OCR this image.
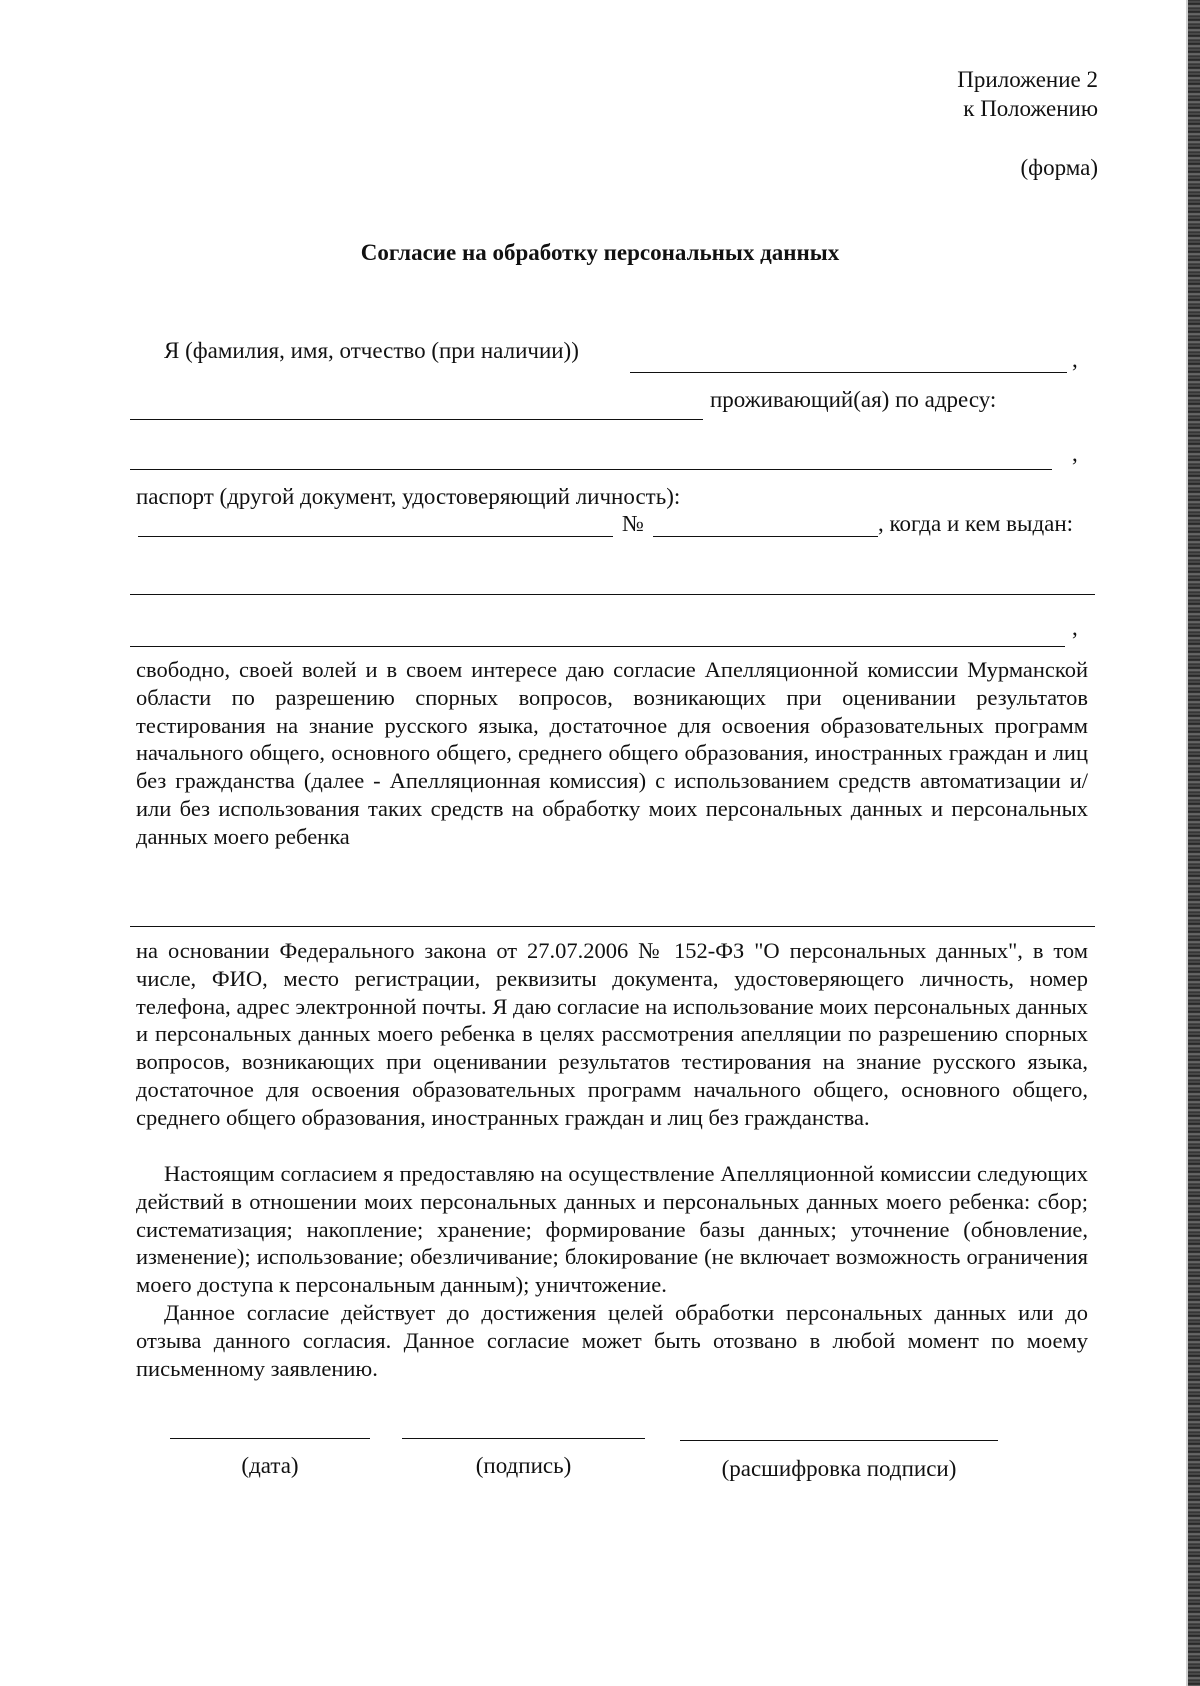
Приложение 2
к Положению
(форма)
Согласие на обработку персональных данных
Я (фамилия, имя, отчество (при наличии))	,
проживающий(ая) по адресу:
,
паспорт (другой документ, удостоверяющий личность):
№	, когда и кем выдан:
,
свободно, своей волей и в своем интересе даю согласие Апелляционной комиссии Мурманской области по разрешению спорных вопросов, возникающих при оценивании результатов тестирования на знание русского языка, достаточное для освоения образовательных программ начального общего, основного общего, среднего общего образования, иностранных граждан и лиц без гражданства (далее - Апелляционная комиссия) с использованием средств автоматизации и/или без использования таких средств на обработку моих персональных данных и персональных данных моего ребенка
на основании Федерального закона от 27.07.2006 № 152-ФЗ "О персональных данных", в том числе, ФИО, место регистрации, реквизиты документа, удостоверяющего личность, номер телефона, адрес электронной почты. Я даю согласие на использование моих персональных данных и персональных данных моего ребенка в целях рассмотрения апелляции по разрешению спорных вопросов, возникающих при оценивании результатов тестирования на знание русского языка, достаточное для освоения образовательных программ начального общего, основного общего, среднего общего образования, иностранных граждан и лиц без гражданства.
Настоящим согласием я предоставляю на осуществление Апелляционной комиссии следующих действий в отношении моих персональных данных и персональных данных моего ребенка: сбор; систематизация; накопление; хранение; формирование базы данных; уточнение (обновление, изменение); использование; обезличивание; блокирование (не включает возможность ограничения моего доступа к персональным данным); уничтожение.
Данное согласие действует до достижения целей обработки персональных данных или до отзыва данного согласия. Данное согласие может быть отозвано в любой момент по моему письменному заявлению.
(дата)	(подпись)	(расшифровка подписи)
